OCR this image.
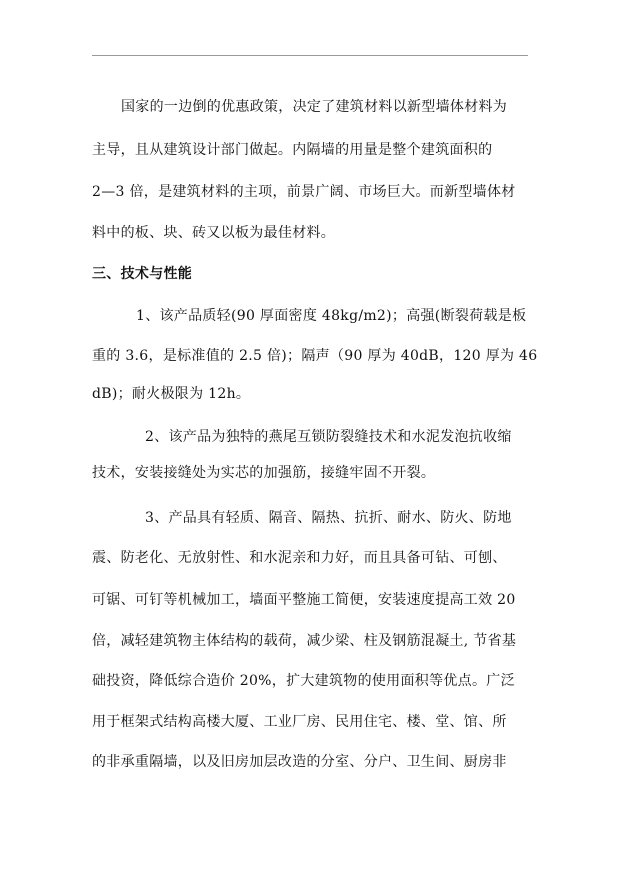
国家的一边倒的优惠政策，决定了建筑材料以新型墙体材料为
主导，且从建筑设计部门做起。内隔墙的用量是整个建筑面积的
2—3 倍，是建筑材料的主项，前景广阔、市场巨大。而新型墙体材
料中的板、块、砖又以板为最佳材料。
三、技术与性能
1、该产品质轻(90 厚面密度 48kg/m2)；高强(断裂荷载是板
重的 3.6，是标准值的 2.5 倍)；隔声（90 厚为 40dB，120 厚为 46
dB)；耐火极限为 12h。
2、该产品为独特的燕尾互锁防裂缝技术和水泥发泡抗收缩
技术，安装接缝处为实芯的加强筋，接缝牢固不开裂。
3、产品具有轻质、隔音、隔热、抗折、耐水、防火、防地
震、防老化、无放射性、和水泥亲和力好，而且具备可钻、可刨、
可锯、可钉等机械加工，墙面平整施工简便，安装速度提高工效 20
倍，减轻建筑物主体结构的载荷，减少梁、柱及钢筋混凝土, 节省基
础投资，降低综合造价 20%，扩大建筑物的使用面积等优点。广泛
用于框架式结构高楼大厦、工业厂房、民用住宅、楼、堂、馆、所
的非承重隔墙，以及旧房加层改造的分室、分户、卫生间、厨房非
